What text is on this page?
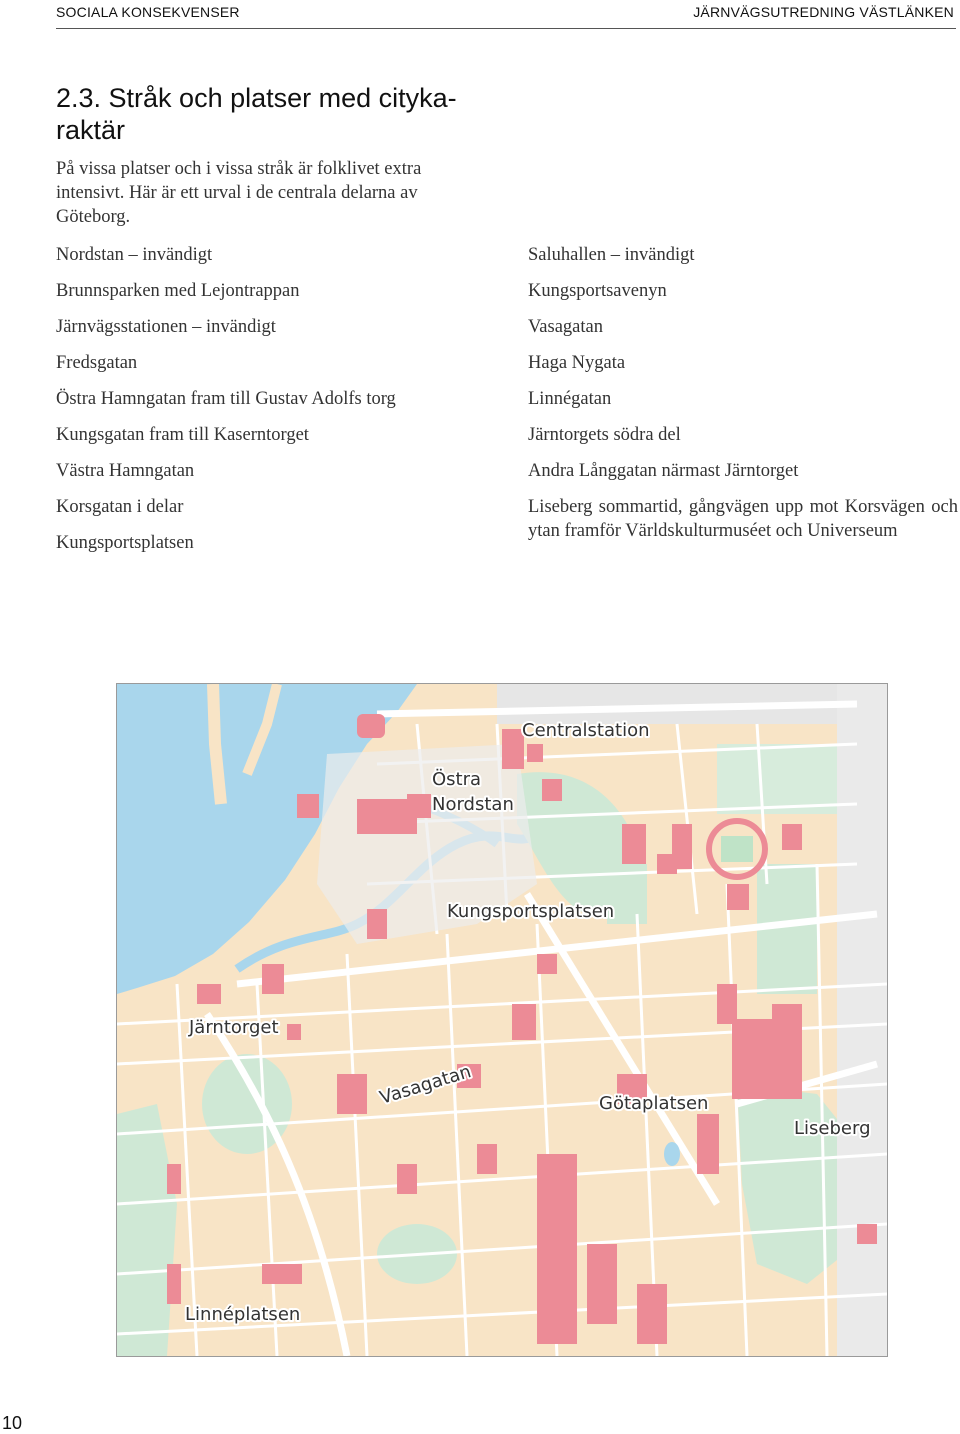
SOCIALA KONSEKVENSER	JÄRNVÄGSUTREDNING VÄSTLÄNKEN
2.3. Stråk och platser med cityka-
raktär

På vissa platser och i vissa stråk är folklivet extra intensivt. Här är ett urval i de centrala delarna av Göteborg.

Nordstan – invändigt
Brunnsparken med Lejontrappan
Järnvägsstationen – invändigt
Fredsgatan
Östra Hamngatan fram till Gustav Adolfs torg
Kungsgatan fram till Kaserntorget
Västra Hamngatan
Korsgatan i delar
Kungsportsplatsen
Saluhallen – invändigt
Kungsportsavenyn
Vasagatan
Haga Nygata
Linnégatan
Järntorgets södra del
Andra Långgatan närmast Järntorget
Liseberg sommartid, gångvägen upp mot Korsvägen och ytan framför Världskulturmuséet och Universeum
Centralstation
Östra
Nordstan
Kungsportsplatsen
Järntorget
Vasagatan	Götaplatsen
Liseberg
Linnéplatsen
10
